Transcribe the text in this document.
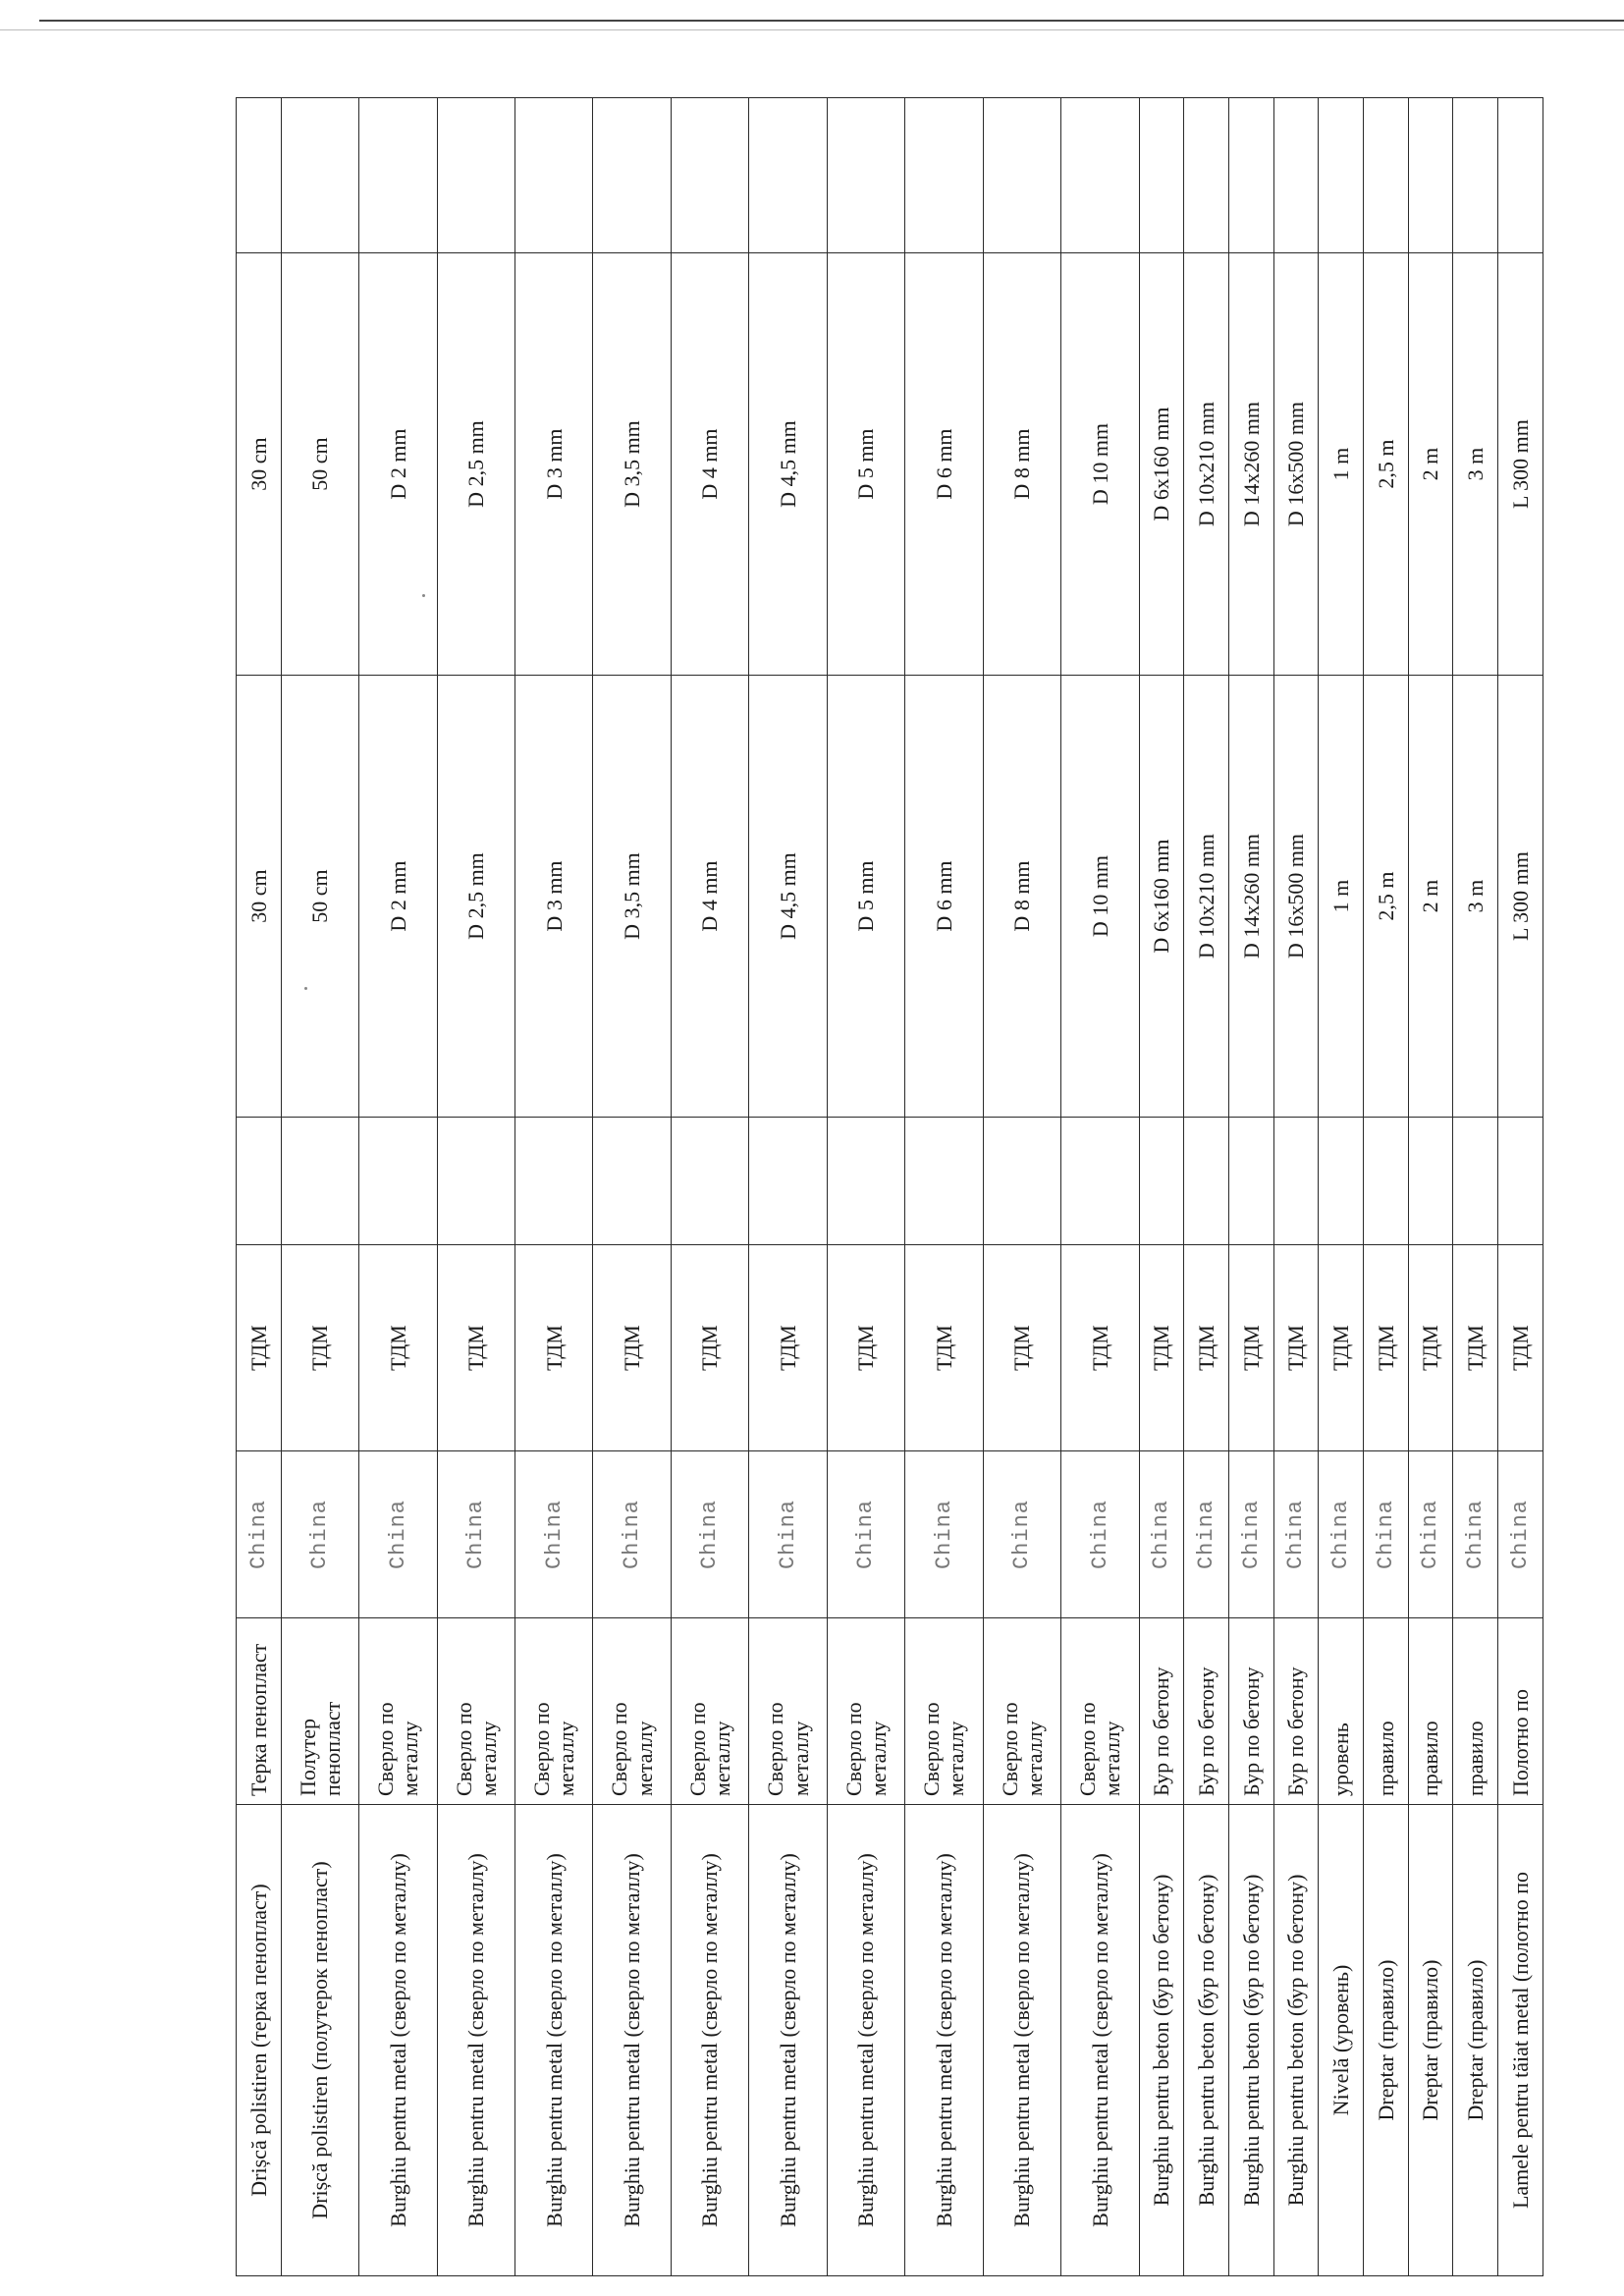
Drișcă polistiren (терка пенопласт)	Терка пенопласт	China	ТДМ		30 cm	30 cm	
Drișcă polistiren (полутерок пенопласт)	Полутер пенопласт	China	ТДМ		50 cm	50 cm	
Burghiu pentru metal (сверло по металлу)	Сверло по металлу	China	ТДМ		D 2 mm	D 2 mm	
Burghiu pentru metal (сверло по металлу)	Сверло по металлу	China	ТДМ		D 2,5 mm	D 2,5 mm	
Burghiu pentru metal (сверло по металлу)	Сверло по металлу	China	ТДМ		D 3 mm	D 3 mm	
Burghiu pentru metal (сверло по металлу)	Сверло по металлу	China	ТДМ		D 3,5 mm	D 3,5 mm	
Burghiu pentru metal (сверло по металлу)	Сверло по металлу	China	ТДМ		D 4 mm	D 4 mm	
Burghiu pentru metal (сверло по металлу)	Сверло по металлу	China	ТДМ		D 4,5 mm	D 4,5 mm	
Burghiu pentru metal (сверло по металлу)	Сверло по металлу	China	ТДМ		D 5 mm	D 5 mm	
Burghiu pentru metal (сверло по металлу)	Сверло по металлу	China	ТДМ		D 6 mm	D 6 mm	
Burghiu pentru metal (сверло по металлу)	Сверло по металлу	China	ТДМ		D 8 mm	D 8 mm	
Burghiu pentru metal (сверло по металлу)	Сверло по металлу	China	ТДМ		D 10 mm	D 10 mm	
Burghiu pentru beton (бур по бетону)	Бур по бетону	China	ТДМ		D 6x160 mm	D 6x160 mm	
Burghiu pentru beton (бур по бетону)	Бур по бетону	China	ТДМ		D 10x210 mm	D 10x210 mm	
Burghiu pentru beton (бур по бетону)	Бур по бетону	China	ТДМ		D 14x260 mm	D 14x260 mm	
Burghiu pentru beton (бур по бетону)	Бур по бетону	China	ТДМ		D 16x500 mm	D 16x500 mm	
Nivelă (уровень)	уровень	China	ТДМ		1 m	1 m	
Dreptar (правило)	правило	China	ТДМ		2,5 m	2,5 m	
Dreptar (правило)	правило	China	ТДМ		2 m	2 m	
Dreptar (правило)	правило	China	ТДМ		3 m	3 m	
Lamele pentru tăiat metal (полотно по	Полотно по	China	ТДМ		L 300 mm	L 300 mm	
